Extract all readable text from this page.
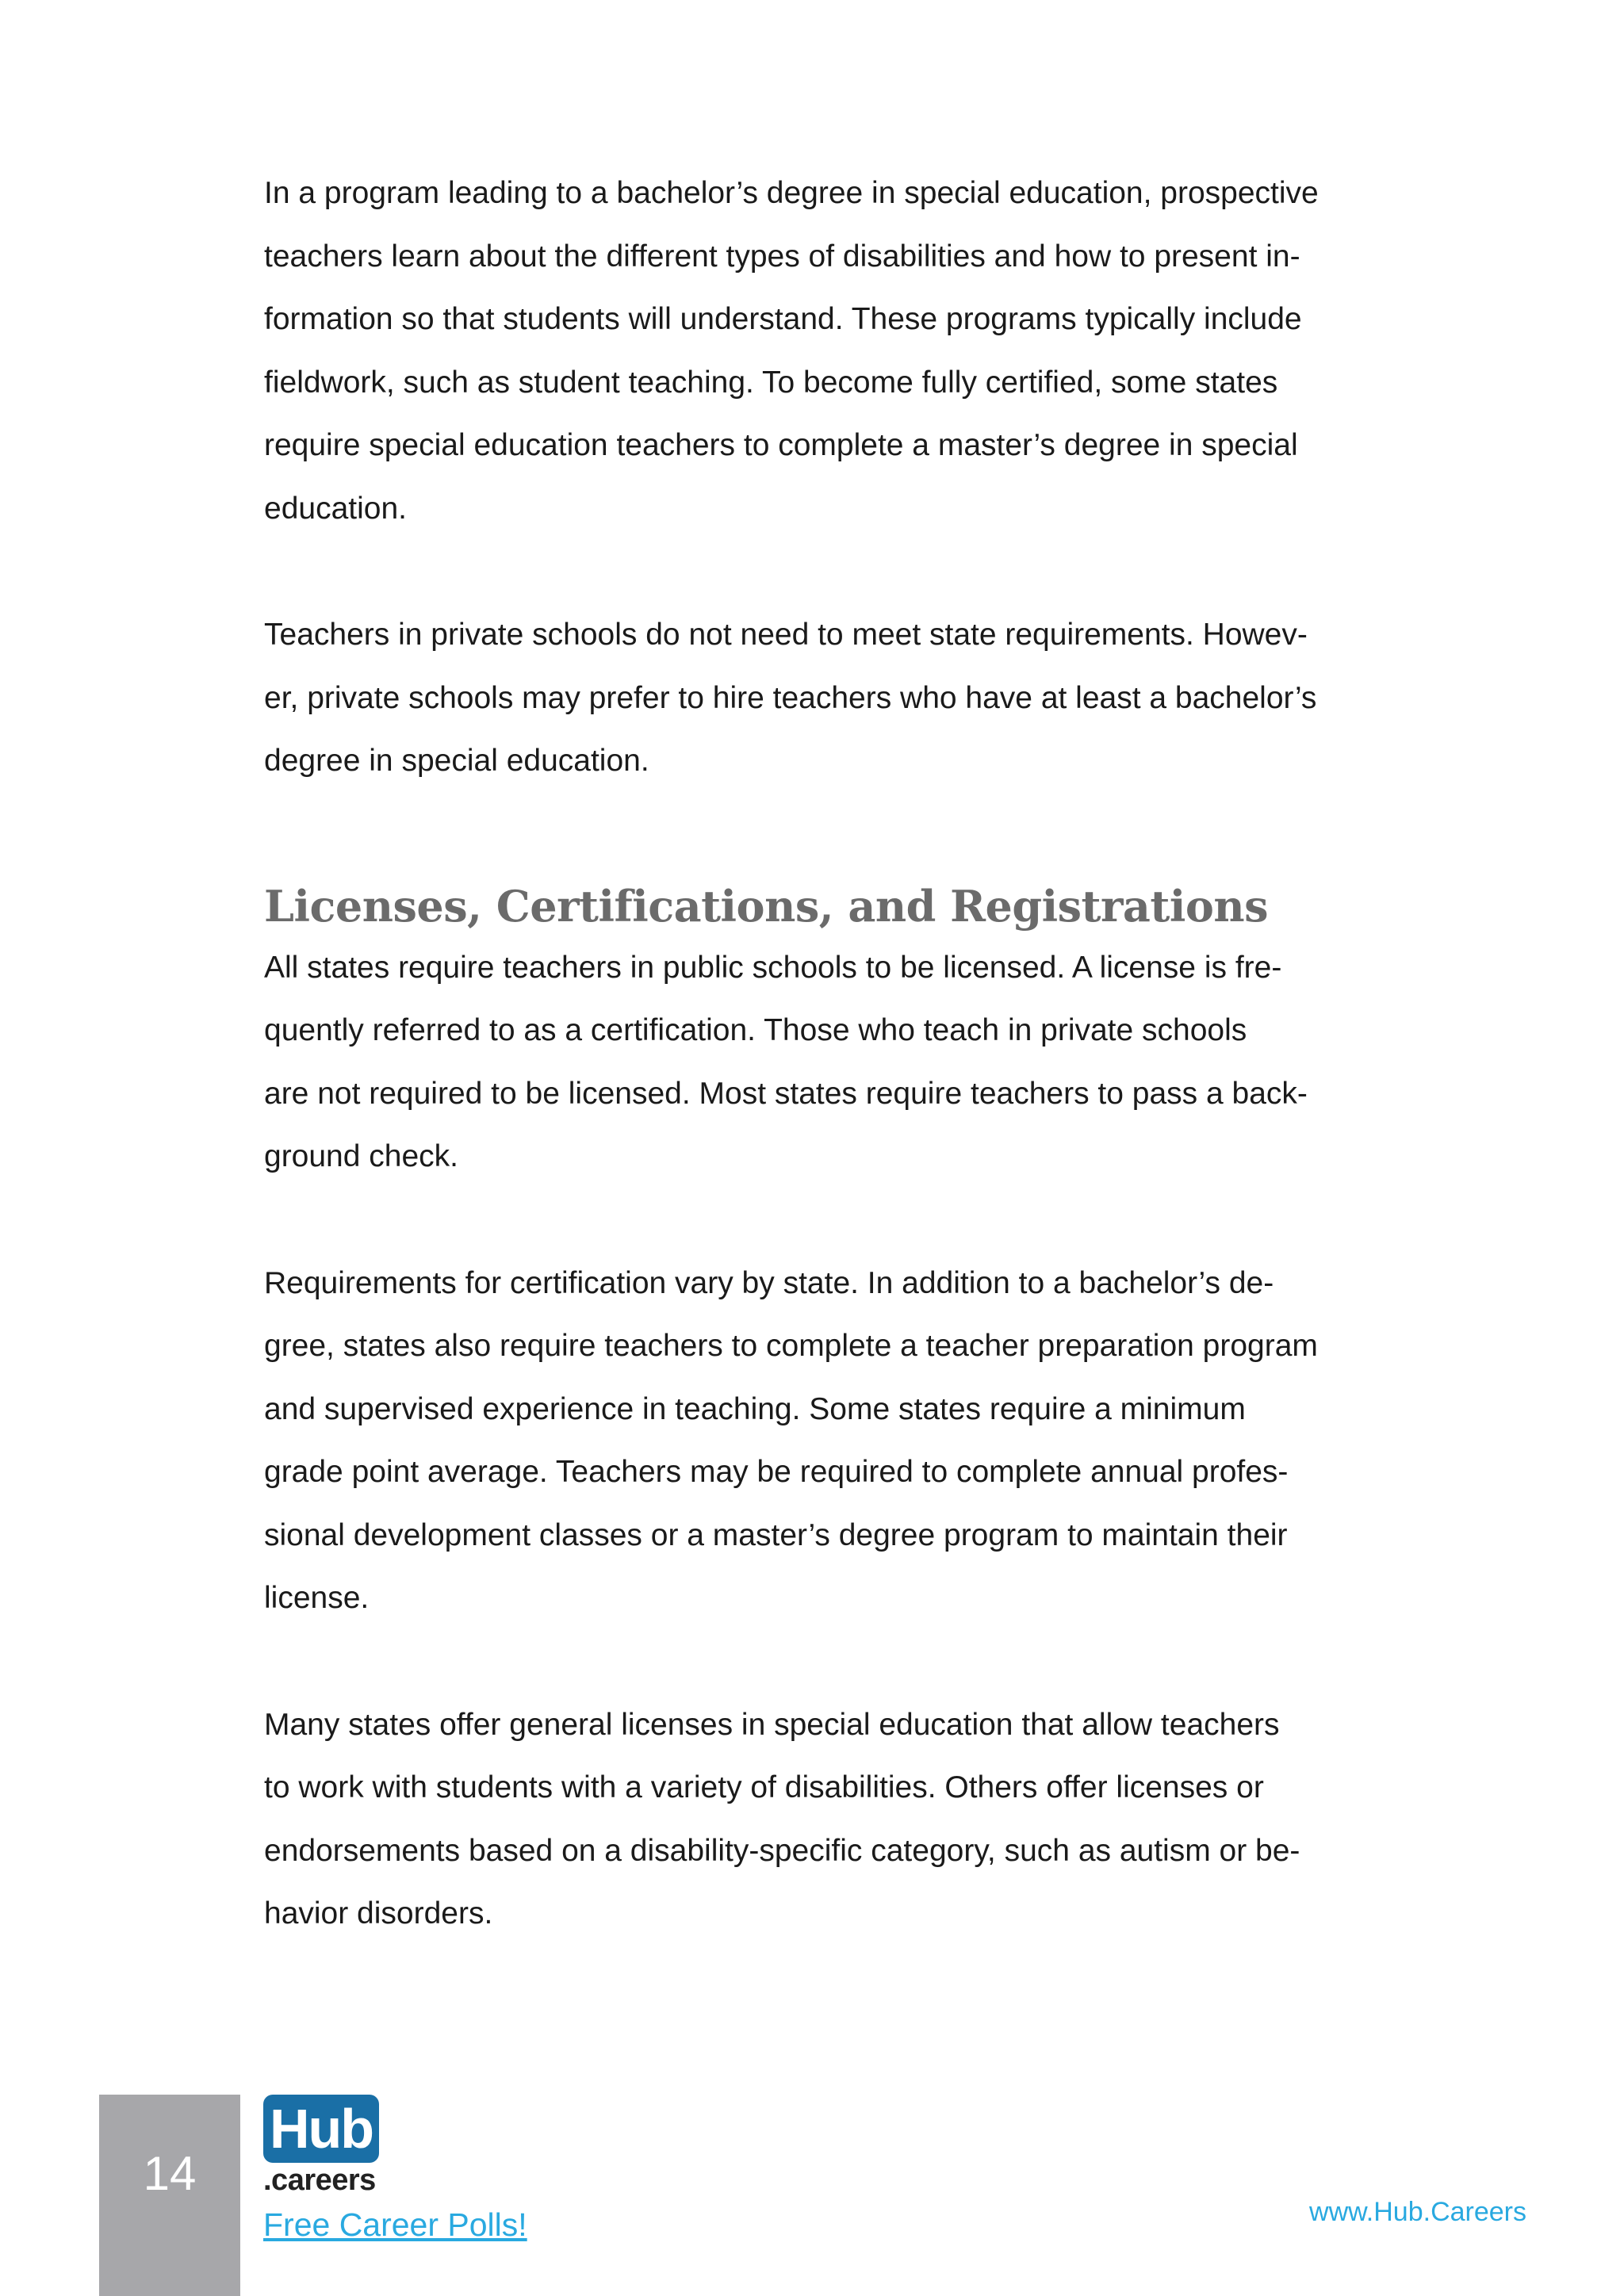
In a program leading to a bachelor’s degree in special education, prospective
teachers learn about the different types of disabilities and how to present in-
formation so that students will understand. These programs typically include
fieldwork, such as student teaching. To become fully certified, some states
require special education teachers to complete a master’s degree in special
education.

Teachers in private schools do not need to meet state requirements. Howev-
er, private schools may prefer to hire teachers who have at least a bachelor’s
degree in special education.

Licenses, Certifications, and Registrations

All states require teachers in public schools to be licensed. A license is fre-
quently referred to as a certification. Those who teach in private schools
are not required to be licensed. Most states require teachers to pass a back-
ground check.

Requirements for certification vary by state. In addition to a bachelor’s de-
gree, states also require teachers to complete a teacher preparation program
and supervised experience in teaching. Some states require a minimum
grade point average. Teachers may be required to complete annual profes-
sional development classes or a master’s degree program to maintain their
license.

Many states offer general licenses in special education that allow teachers
to work with students with a variety of disabilities. Others offer licenses or
endorsements based on a disability-specific category, such as autism or be-
havior disorders.

14
Hub
.careers
Free Career Polls!	www.Hub.Careers
